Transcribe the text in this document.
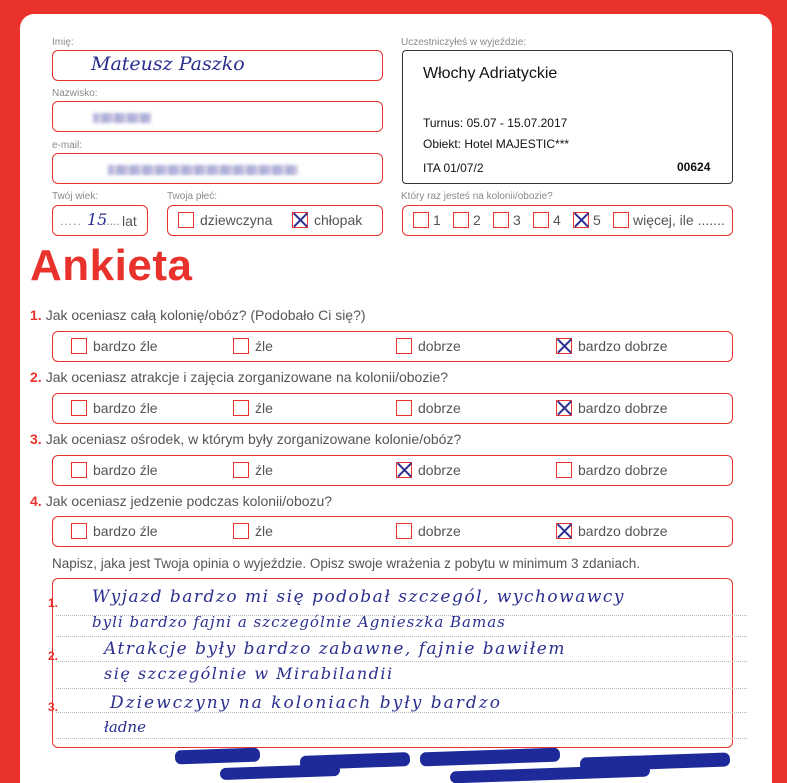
Imię:
Mateusz Paszko
Nazwisko:
e-mail:
Twój wiek:
..... 15
..... lat
Twoja płeć:
dziewczyna	chłopak
Uczestniczyłeś w wyjeździe:
Włochy Adriatyckie
Turnus: 05.07 - 15.07.2017
Obiekt: Hotel MAJESTIC***
ITA 01/07/2	00624
Który raz jesteś na kolonii/obozie?
1 2 3 4 5 więcej, ile .......
Ankieta
1. Jak oceniasz całą kolonię/obóz? (Podobało Ci się?)
bardzo źle	źle	dobrze	bardzo dobrze
2. Jak oceniasz atrakcje i zajęcia zorganizowane na kolonii/obozie?
bardzo źle	źle	dobrze	bardzo dobrze
3. Jak oceniasz ośrodek, w którym były zorganizowane kolonie/obóz?
bardzo źle	źle	dobrze	bardzo dobrze
4. Jak oceniasz jedzenie podczas kolonii/obozu?
bardzo źle	źle	dobrze	bardzo dobrze
Napisz, jaka jest Twoja opinia o wyjeździe. Opisz swoje wrażenia z pobytu w minimum 3 zdaniach.
1.
2.
3.
Wyjazd bardzo mi się podobał szczegól, wychowawcy
byli bardzo fajni a szczególnie Agnieszka Bamas
Atrakcje były bardzo zabawne, fajnie bawiłem
się szczególnie w Mirabilandii
Dziewczyny na koloniach były bardzo
ładne
